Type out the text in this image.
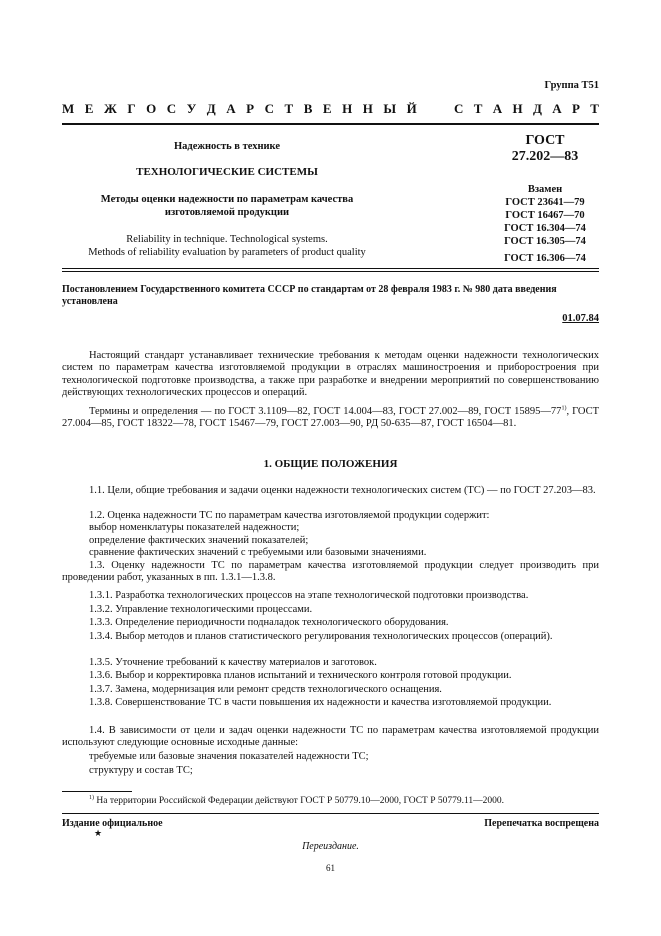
Группа Т51
М Е Ж Г О С У Д А Р С Т В Е Н Н Ы Й	С Т А Н Д А Р Т
Надежность в технике
ТЕХНОЛОГИЧЕСКИЕ СИСТЕМЫ
Методы оценки надежности по параметрам качества
изготовляемой продукции
Reliability in technique. Technological systems.
Methods of reliability evaluation by parameters of product quality
ГОСТ
27.202—83
Взамен
ГОСТ 23641—79
ГОСТ 16467—70
ГОСТ 16.304—74
ГОСТ 16.305—74
ГОСТ 16.306—74
Постановлением Государственного комитета СССР по стандартам от 28 февраля 1983 г. № 980 дата введения
установлена
01.07.84
Настоящий стандарт устанавливает технические требования к методам оценки надежности технологических систем по параметрам качества изготовляемой продукции в отраслях машиностроения и приборостроения при технологической подготовке производства, а также при разработке и внедрении мероприятий по совершенствованию действующих технологических процессов и операций.
Термины и определения — по ГОСТ 3.1109—82, ГОСТ 14.004—83, ГОСТ 27.002—89, ГОСТ 15895—77$^{1)}$, ГОСТ 27.004—85, ГОСТ 18322—78, ГОСТ 15467—79, ГОСТ 27.003—90, РД 50-635—87, ГОСТ 16504—81.
1. ОБЩИЕ ПОЛОЖЕНИЯ
1.1. Цели, общие требования и задачи оценки надежности технологических систем (ТС) — по ГОСТ 27.203—83.
1.2. Оценка надежности ТС по параметрам качества изготовляемой продукции содержит:
выбор номенклатуры показателей надежности;
определение фактических значений показателей;
сравнение фактических значений с требуемыми или базовыми значениями.
1.3. Оценку надежности ТС по параметрам качества изготовляемой продукции следует производить при проведении работ, указанных в пп. 1.3.1—1.3.8.
1.3.1. Разработка технологических процессов на этапе технологической подготовки производства.
1.3.2. Управление технологическими процессами.
1.3.3. Определение периодичности подналадок технологического оборудования.
1.3.4. Выбор методов и планов статистического регулирования технологических процессов (операций).
1.3.5. Уточнение требований к качеству материалов и заготовок.
1.3.6. Выбор и корректировка планов испытаний и технического контроля готовой продукции.
1.3.7. Замена, модернизация или ремонт средств технологического оснащения.
1.3.8. Совершенствование ТС в части повышения их надежности и качества изготовляемой продукции.
1.4. В зависимости от цели и задач оценки надежности ТС по параметрам качества изготовляемой продукции используют следующие основные исходные данные:
требуемые или базовые значения показателей надежности ТС;
структуру и состав ТС;
$^{1)}$ На территории Российской Федерации действуют ГОСТ Р 50779.10—2000, ГОСТ Р 50779.11—2000.
Издание официальное	Перепечатка воспрещена
★
Переиздание.
61
